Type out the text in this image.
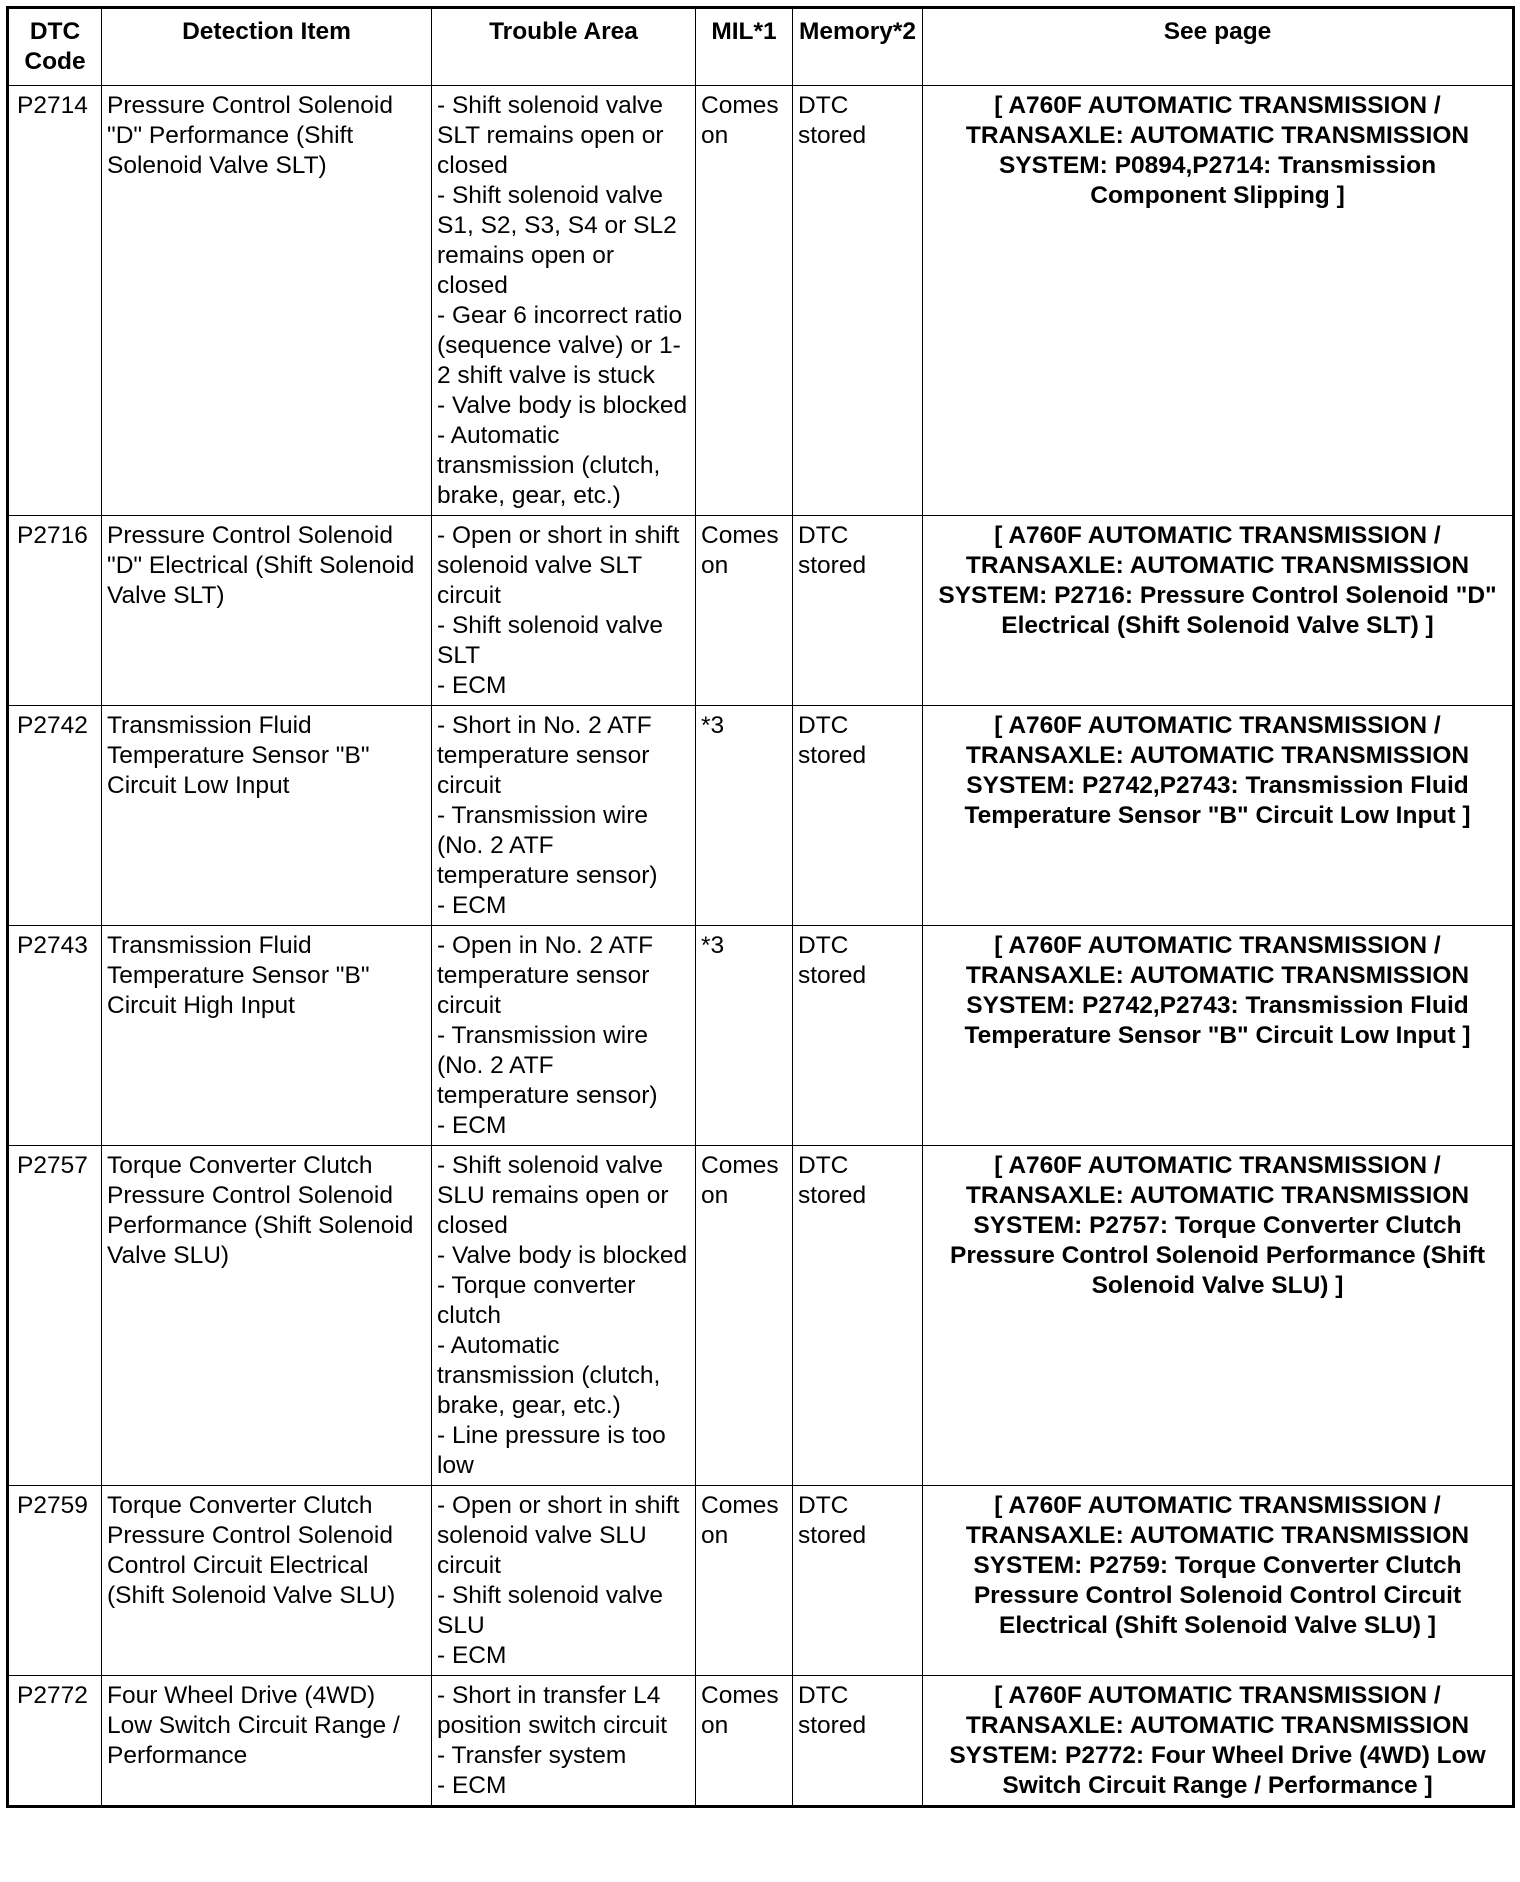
DTC Code	Detection Item	Trouble Area	MIL*1	Memory*2	See page
P2714	Pressure Control Solenoid "D" Performance (Shift Solenoid Valve SLT)	- Shift solenoid valve SLT remains open or closed
- Shift solenoid valve S1, S2, S3, S4 or SL2 remains open or closed
- Gear 6 incorrect ratio (sequence valve) or 1-2 shift valve is stuck
- Valve body is blocked
- Automatic transmission (clutch, brake, gear, etc.)	Comes on	DTC stored	[ A760F AUTOMATIC TRANSMISSION / TRANSAXLE: AUTOMATIC TRANSMISSION SYSTEM: P0894,P2714: Transmission Component Slipping ]
P2716	Pressure Control Solenoid "D" Electrical (Shift Solenoid Valve SLT)	- Open or short in shift solenoid valve SLT circuit
- Shift solenoid valve SLT
- ECM	Comes on	DTC stored	[ A760F AUTOMATIC TRANSMISSION / TRANSAXLE: AUTOMATIC TRANSMISSION SYSTEM: P2716: Pressure Control Solenoid "D" Electrical (Shift Solenoid Valve SLT) ]
P2742	Transmission Fluid Temperature Sensor "B" Circuit Low Input	- Short in No. 2 ATF temperature sensor circuit
- Transmission wire (No. 2 ATF temperature sensor)
- ECM	*3	DTC stored	[ A760F AUTOMATIC TRANSMISSION / TRANSAXLE: AUTOMATIC TRANSMISSION SYSTEM: P2742,P2743: Transmission Fluid Temperature Sensor "B" Circuit Low Input ]
P2743	Transmission Fluid Temperature Sensor "B" Circuit High Input	- Open in No. 2 ATF temperature sensor circuit
- Transmission wire (No. 2 ATF temperature sensor)
- ECM	*3	DTC stored	[ A760F AUTOMATIC TRANSMISSION / TRANSAXLE: AUTOMATIC TRANSMISSION SYSTEM: P2742,P2743: Transmission Fluid Temperature Sensor "B" Circuit Low Input ]
P2757	Torque Converter Clutch Pressure Control Solenoid Performance (Shift Solenoid Valve SLU)	- Shift solenoid valve SLU remains open or closed
- Valve body is blocked
- Torque converter clutch
- Automatic transmission (clutch, brake, gear, etc.)
- Line pressure is too low	Comes on	DTC stored	[ A760F AUTOMATIC TRANSMISSION / TRANSAXLE: AUTOMATIC TRANSMISSION SYSTEM: P2757: Torque Converter Clutch Pressure Control Solenoid Performance (Shift Solenoid Valve SLU) ]
P2759	Torque Converter Clutch Pressure Control Solenoid Control Circuit Electrical (Shift Solenoid Valve SLU)	- Open or short in shift solenoid valve SLU circuit
- Shift solenoid valve SLU
- ECM	Comes on	DTC stored	[ A760F AUTOMATIC TRANSMISSION / TRANSAXLE: AUTOMATIC TRANSMISSION SYSTEM: P2759: Torque Converter Clutch Pressure Control Solenoid Control Circuit Electrical (Shift Solenoid Valve SLU) ]
P2772	Four Wheel Drive (4WD) Low Switch Circuit Range / Performance	- Short in transfer L4 position switch circuit
- Transfer system
- ECM	Comes on	DTC stored	[ A760F AUTOMATIC TRANSMISSION / TRANSAXLE: AUTOMATIC TRANSMISSION SYSTEM: P2772: Four Wheel Drive (4WD) Low Switch Circuit Range / Performance ]
